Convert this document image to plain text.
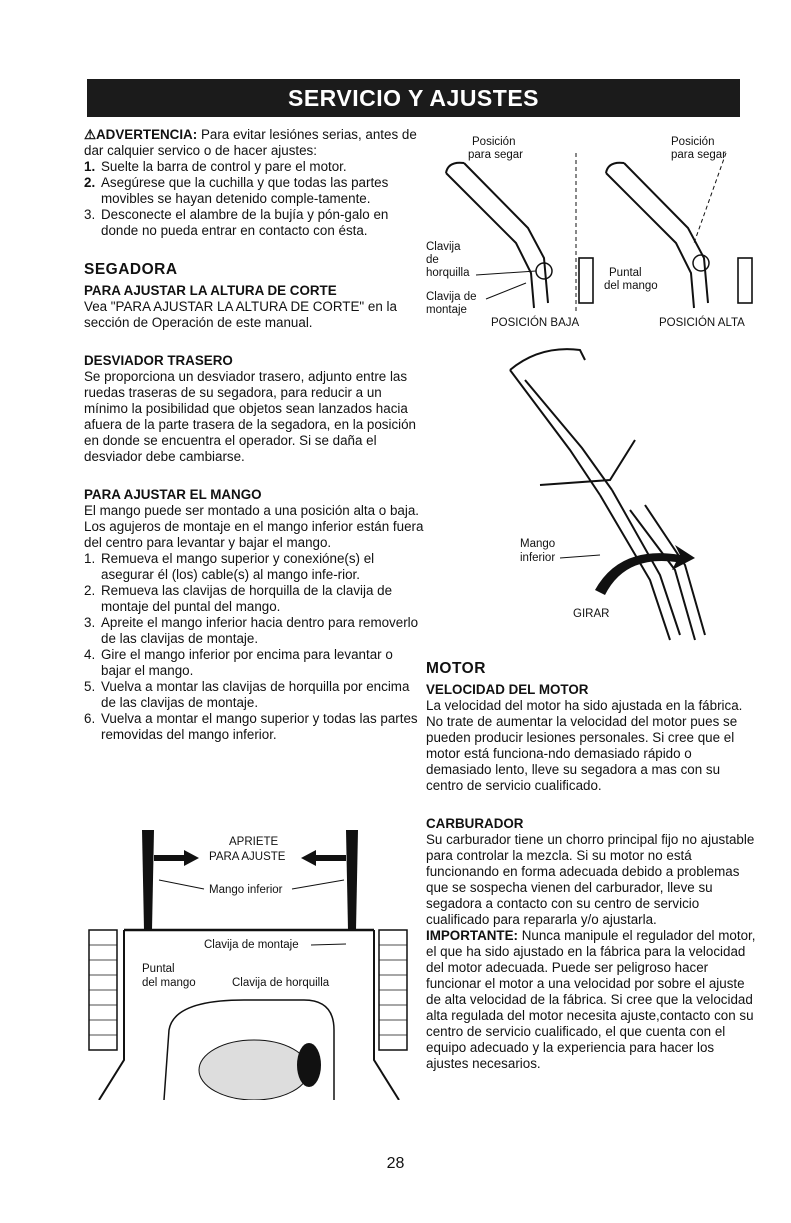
SERVICIO Y AJUSTES

⚠ADVERTENCIA: Para evitar lesiónes serias, antes de dar calquier servico o de hacer ajustes:

1. Suelte la barra de control y pare el motor.
2. Asegúrese que la cuchilla y que todas las partes movibles se hayan detenido comple-tamente.
3. Desconecte el alambre de la bujía y pón-galo en donde no pueda entrar en contacto con ésta.

SEGADORA

PARA AJUSTAR LA ALTURA DE CORTE

Vea "PARA AJUSTAR LA ALTURA DE CORTE" en la sección de Operación de este manual.

DESVIADOR TRASERO

Se proporciona un desviador trasero, adjunto entre las ruedas traseras de su segadora, para reducir a un mínimo la posibilidad que objetos sean lanzados hacia afuera de la parte trasera de la segadora, en la posición en donde se encuentra el operador. Si se daña el desviador debe cambiarse.

PARA AJUSTAR EL MANGO

El mango puede ser montado a una posición alta o baja. Los agujeros de montaje en el mango inferior están fuera del centro para levantar y bajar el mango.

1. Remueva el mango superior y conexióne(s) el asegurar él (los) cable(s) al mango infe-rior.
2. Remueva las clavijas de horquilla de la clavija de montaje del puntal del mango.
3. Apreite el mango inferior hacia dentro para removerlo de las clavijas de montaje.
4. Gire el mango inferior por encima para levantar o bajar el mango.
5. Vuelva a montar las clavijas de horquilla por encima de las clavijas de montaje.
6. Vuelva a montar el mango superior y todas las partes removidas del mango inferior.
Posición
para segar
Posición
para segar
Clavija
de
horquilla
Clavija de
montaje
Puntal
del mango
POSICIÓN BAJA	POSICIÓN ALTA
Mango
inferior
GIRAR

MOTOR

VELOCIDAD DEL MOTOR

La velocidad del motor ha sido ajustada en la fábrica. No trate de aumentar la velocidad del motor pues se pueden producir lesiones personales. Si cree que el motor está funciona-ndo demasiado rápido o demasiado lento, lleve su segadora a mas con su centro de servicio cualificado.

CARBURADOR

Su carburador tiene un chorro principal fijo no ajustable para controlar la mezcla. Si su motor no está funcionando en forma adecuada debido a problemas que se sospecha vienen del carburador, lleve su segadora a contacto con su centro de servicio cualificado para repararla y/o ajustarla.

IMPORTANTE: Nunca manipule el regulador del motor, el que ha sido ajustado en la fábrica para la velocidad del motor adecuada. Puede ser peligroso hacer funcionar el motor a una velocidad por sobre el ajuste de alta velocidad de la fábrica. Si cree que la velocidad alta regulada del motor necesita ajuste,contacto con su centro de servicio cualificado, el que cuenta con el equipo adecuado y la experiencia para hacer los ajustes necesarios.

APRIETE
PARA AJUSTE
Mango inferior
Clavija de montaje
Puntal
del mango	Clavija de horquilla
28
